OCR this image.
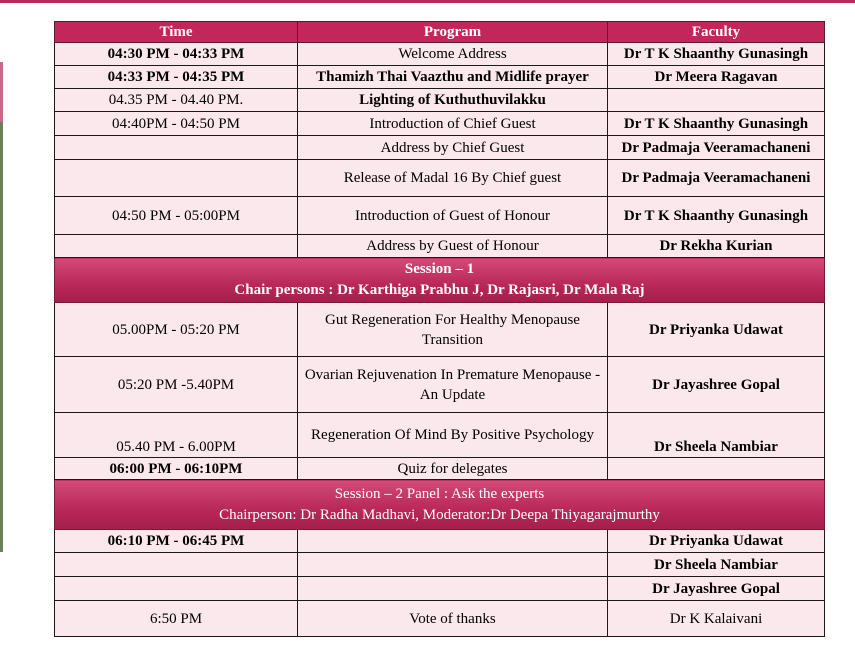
Time	Program	Faculty
04:30 PM - 04:33 PM	Welcome Address	Dr T K Shaanthy Gunasingh
04:33 PM - 04:35 PM	Thamizh Thai Vaazthu and Midlife prayer	Dr Meera Ragavan
04.35 PM - 04.40 PM.	Lighting of Kuthuthuvilakku	
04:40PM - 04:50 PM	Introduction of Chief Guest	Dr T K Shaanthy Gunasingh
	Address by Chief Guest	Dr Padmaja Veeramachaneni
	Release of Madal 16 By Chief guest	Dr Padmaja Veeramachaneni
04:50 PM - 05:00PM	Introduction of Guest of Honour	Dr T K Shaanthy Gunasingh
	Address by Guest of Honour	Dr Rekha Kurian

Session – 1
Chair persons : Dr Karthiga Prabhu J, Dr Rajasri, Dr Mala Raj		

05.00PM - 05:20 PM	Gut Regeneration For Healthy Menopause Transition	Dr Priyanka Udawat
05:20 PM -5.40PM	Ovarian Rejuvenation In Premature Menopause - An Update	Dr Jayashree Gopal
05.40 PM - 6.00PM	Regeneration Of Mind By Positive Psychology	Dr Sheela Nambiar
06:00 PM - 06:10PM	Quiz for delegates	

Session – 2 Panel : Ask the experts
Chairperson: Dr Radha Madhavi, Moderator:Dr Deepa Thiyagarajmurthy		

06:10 PM - 06:45 PM		Dr Priyanka Udawat
		Dr Sheela Nambiar
		Dr Jayashree Gopal
6:50 PM	Vote of thanks	Dr K Kalaivani
